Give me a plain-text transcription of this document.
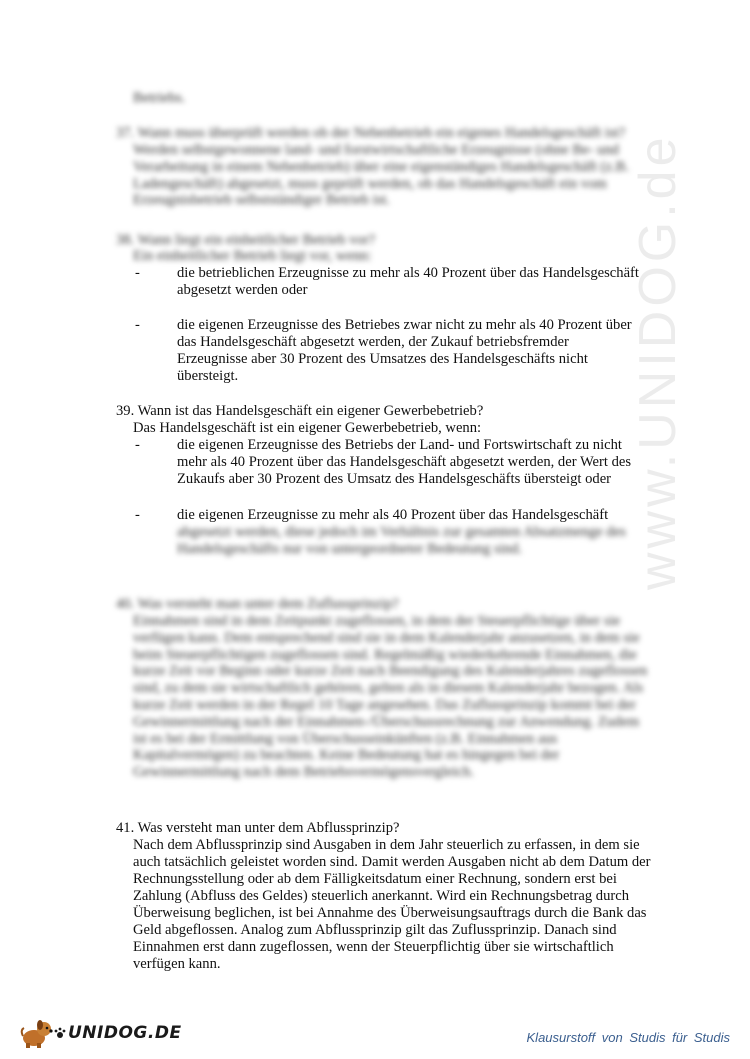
www.UNIDOG.de
Betriebs.
37. Wann muss überprüft werden ob der Nebenbetrieb ein eigenes Handelsgeschäft ist?
Werden selbstgewonnene land- und forstwirtschaftliche Erzeugnisse (ohne Be- und Verarbeitung in einem Nebenbetrieb) über eine eigenständiges Handelsgeschäft (z.B. Ladengeschäft) abgesetzt, muss geprüft werden, ob das Handelsgeschäft ein vom Erzeugnisbetrieb selbstständiger Betrieb ist.
38. Wann liegt ein einheitlicher Betrieb vor?
Ein einheitlicher Betrieb liegt vor, wenn:
-	die betrieblichen Erzeugnisse zu mehr als 40 Prozent über das Handelsgeschäft
abgesetzt werden oder
-	die eigenen Erzeugnisse des Betriebes zwar nicht zu mehr als 40 Prozent über
das Handelsgeschäft abgesetzt werden, der Zukauf betriebsfremder
Erzeugnisse aber 30 Prozent des Umsatzes des Handelsgeschäfts nicht
übersteigt.
39. Wann ist das Handelsgeschäft ein eigener Gewerbebetrieb?
Das Handelsgeschäft ist ein eigener Gewerbebetrieb, wenn:
-	die eigenen Erzeugnisse des Betriebs der Land- und Fortswirtschaft zu nicht
mehr als 40 Prozent über das Handelsgeschäft abgesetzt werden, der Wert des
Zukaufs aber 30 Prozent des Umsatz des Handelsgeschäfts übersteigt oder
-	die eigenen Erzeugnisse zu mehr als 40 Prozent über das Handelsgeschäft
abgesetzt werden, diese jedoch im Verhältnis zur gesamten Absatzmenge des
Handelsgeschäfts nur von untergeordneter Bedeutung sind.
40. Was versteht man unter dem Zuflussprinzip?
Einnahmen sind in dem Zeitpunkt zugeflossen, in dem der Steuerpflichtige über sie verfügen kann. Dem entsprechend sind sie in dem Kalenderjahr anzusetzen, in dem sie beim Steuerpflichtigen zugeflossen sind. Regelmäßig wiederkehrende Einnahmen, die kurze Zeit vor Beginn oder kurze Zeit nach Beendigung des Kalenderjahres zugeflossen sind, zu dem sie wirtschaftlich gehören, gelten als in diesem Kalenderjahr bezogen. Als kurze Zeit werden in der Regel 10 Tage angesehen. Das Zuflussprinzip kommt bei der Gewinnermittlung nach der Einnahmen-/Überschussrechnung zur Anwendung. Zudem ist es bei der Ermittlung von Überschusseinkünften (z.B. Einnahmen aus Kapitalvermögen) zu beachten. Keine Bedeutung hat es hingegen bei der Gewinnermittlung nach dem Betriebsvermögensvergleich.
41. Was versteht man unter dem Abflussprinzip?
Nach dem Abflussprinzip sind Ausgaben in dem Jahr steuerlich zu erfassen, in dem sie auch tatsächlich geleistet worden sind. Damit werden Ausgaben nicht ab dem Datum der Rechnungsstellung oder ab dem Fälligkeitsdatum einer Rechnung, sondern erst bei Zahlung (Abfluss des Geldes) steuerlich anerkannt. Wird ein Rechnungsbetrag durch Überweisung beglichen, ist bei Annahme des Überweisungsauftrags durch die Bank das Geld abgeflossen. Analog zum Abflussprinzip gilt das Zuflussprinzip. Danach sind Einnahmen erst dann zugeflossen, wenn der Steuerpflichtig über sie wirtschaftlich verfügen kann.
UNIDOG.DE	Klausurstoff von Studis für Studis
